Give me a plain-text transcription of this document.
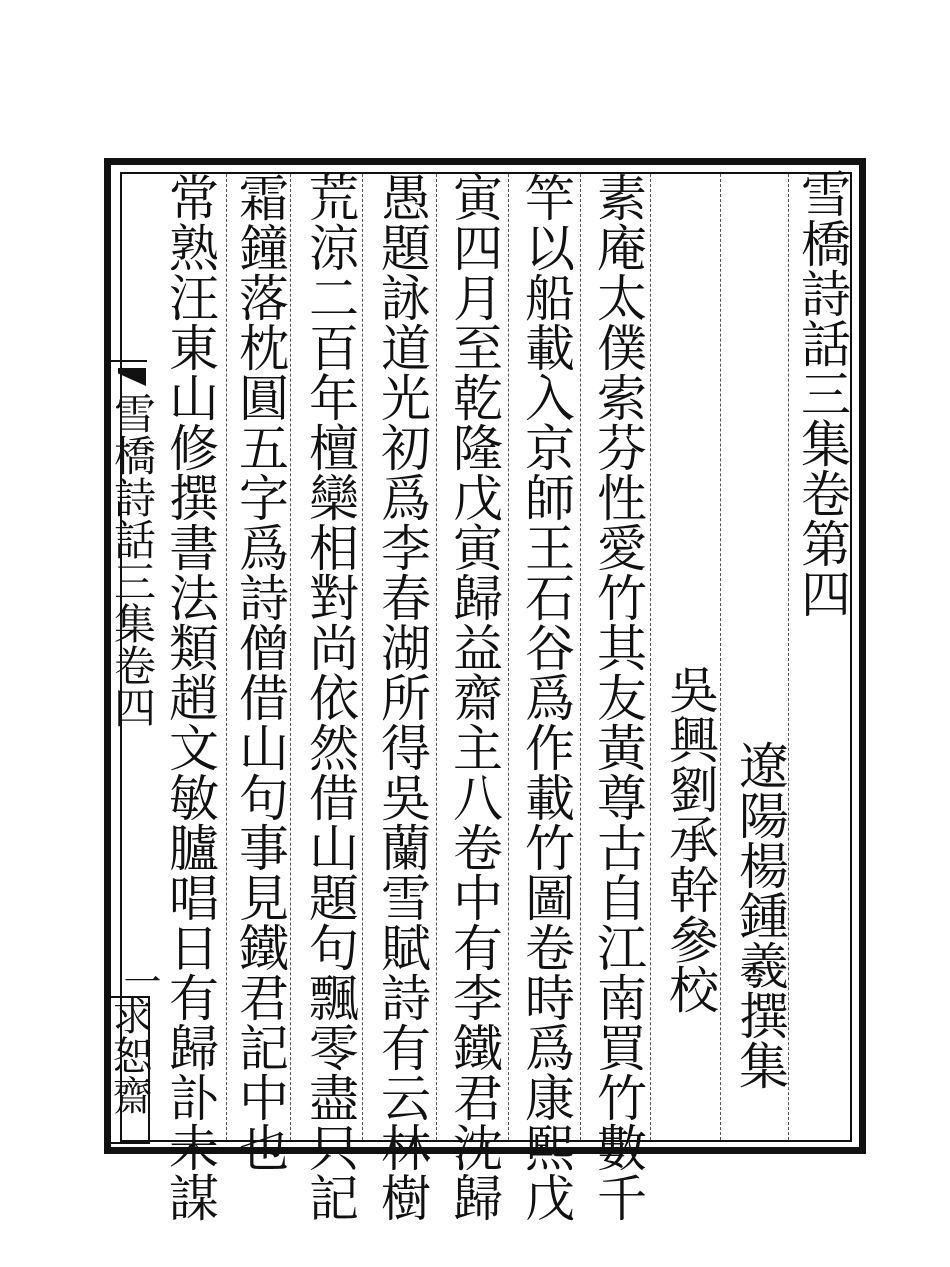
雪橋詩話三集卷四
一
求恕齋
雪橋詩話三集卷第四
遼陽楊鍾羲撰集
吳興劉承幹參校
素庵太僕索芬性愛竹其友黃尊古自江南買竹數千
竿以船載入京師王石谷爲作載竹圖卷時爲康熙戊
寅四月至乾隆戊寅歸益齋主八卷中有李鐵君沈歸
愚題詠道光初爲李春湖所得吳蘭雪賦詩有云林樹
荒涼二百年檀欒相對尚依然借山題句飄零盡只記
霜鐘落枕圓五字爲詩僧借山句事見鐵君記中也
常熟汪東山修撰書法類趙文敏臚唱日有歸訃未謀
